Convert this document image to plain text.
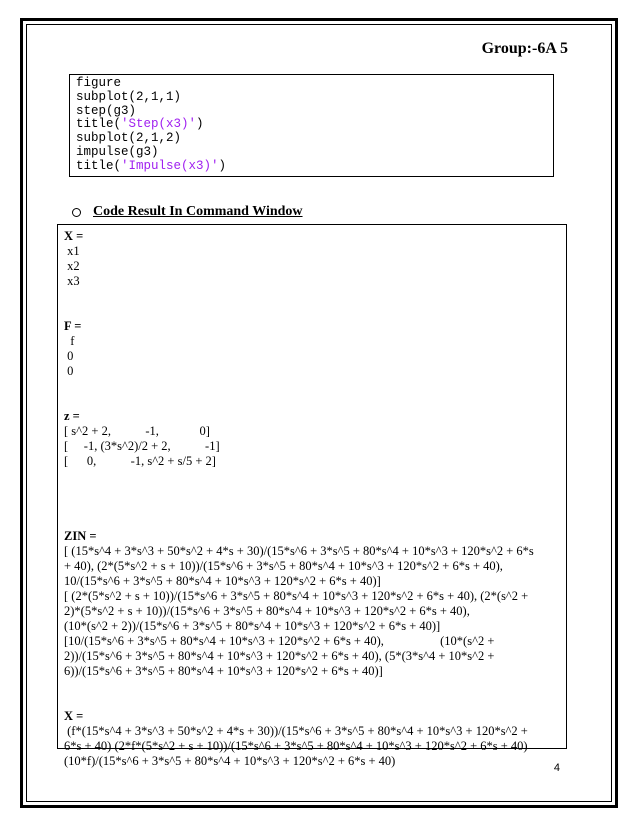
Group:-6A 5
figure
subplot(2,1,1)
step(g3)
title('Step(x3)')
subplot(2,1,2)
impulse(g3)
title('Impulse(x3)')
Code Result In Command Window
X =
x1
x2
x3
F =
f
0
0
z =
[ s^2 + 2,           -1,             0]
[     -1, (3*s^2)/2 + 2,           -1]
[      0,           -1, s^2 + s/5 + 2]
ZIN =
[ (15*s^4 + 3*s^3 + 50*s^2 + 4*s + 30)/(15*s^6 + 3*s^5 + 80*s^4 + 10*s^3 + 120*s^2 + 6*s
+ 40), (2*(5*s^2 + s + 10))/(15*s^6 + 3*s^5 + 80*s^4 + 10*s^3 + 120*s^2 + 6*s + 40),
10/(15*s^6 + 3*s^5 + 80*s^4 + 10*s^3 + 120*s^2 + 6*s + 40)]
[ (2*(5*s^2 + s + 10))/(15*s^6 + 3*s^5 + 80*s^4 + 10*s^3 + 120*s^2 + 6*s + 40), (2*(s^2 +
2)*(5*s^2 + s + 10))/(15*s^6 + 3*s^5 + 80*s^4 + 10*s^3 + 120*s^2 + 6*s + 40),
(10*(s^2 + 2))/(15*s^6 + 3*s^5 + 80*s^4 + 10*s^3 + 120*s^2 + 6*s + 40)]
[10/(15*s^6 + 3*s^5 + 80*s^4 + 10*s^3 + 120*s^2 + 6*s + 40),                  (10*(s^2 +
2))/(15*s^6 + 3*s^5 + 80*s^4 + 10*s^3 + 120*s^2 + 6*s + 40), (5*(3*s^4 + 10*s^2 +
6))/(15*s^6 + 3*s^5 + 80*s^4 + 10*s^3 + 120*s^2 + 6*s + 40)]
X =
(f*(15*s^4 + 3*s^3 + 50*s^2 + 4*s + 30))/(15*s^6 + 3*s^5 + 80*s^4 + 10*s^3 + 120*s^2 +
6*s + 40) (2*f*(5*s^2 + s + 10))/(15*s^6 + 3*s^5 + 80*s^4 + 10*s^3 + 120*s^2 + 6*s + 40)
(10*f)/(15*s^6 + 3*s^5 + 80*s^4 + 10*s^3 + 120*s^2 + 6*s + 40)	4
